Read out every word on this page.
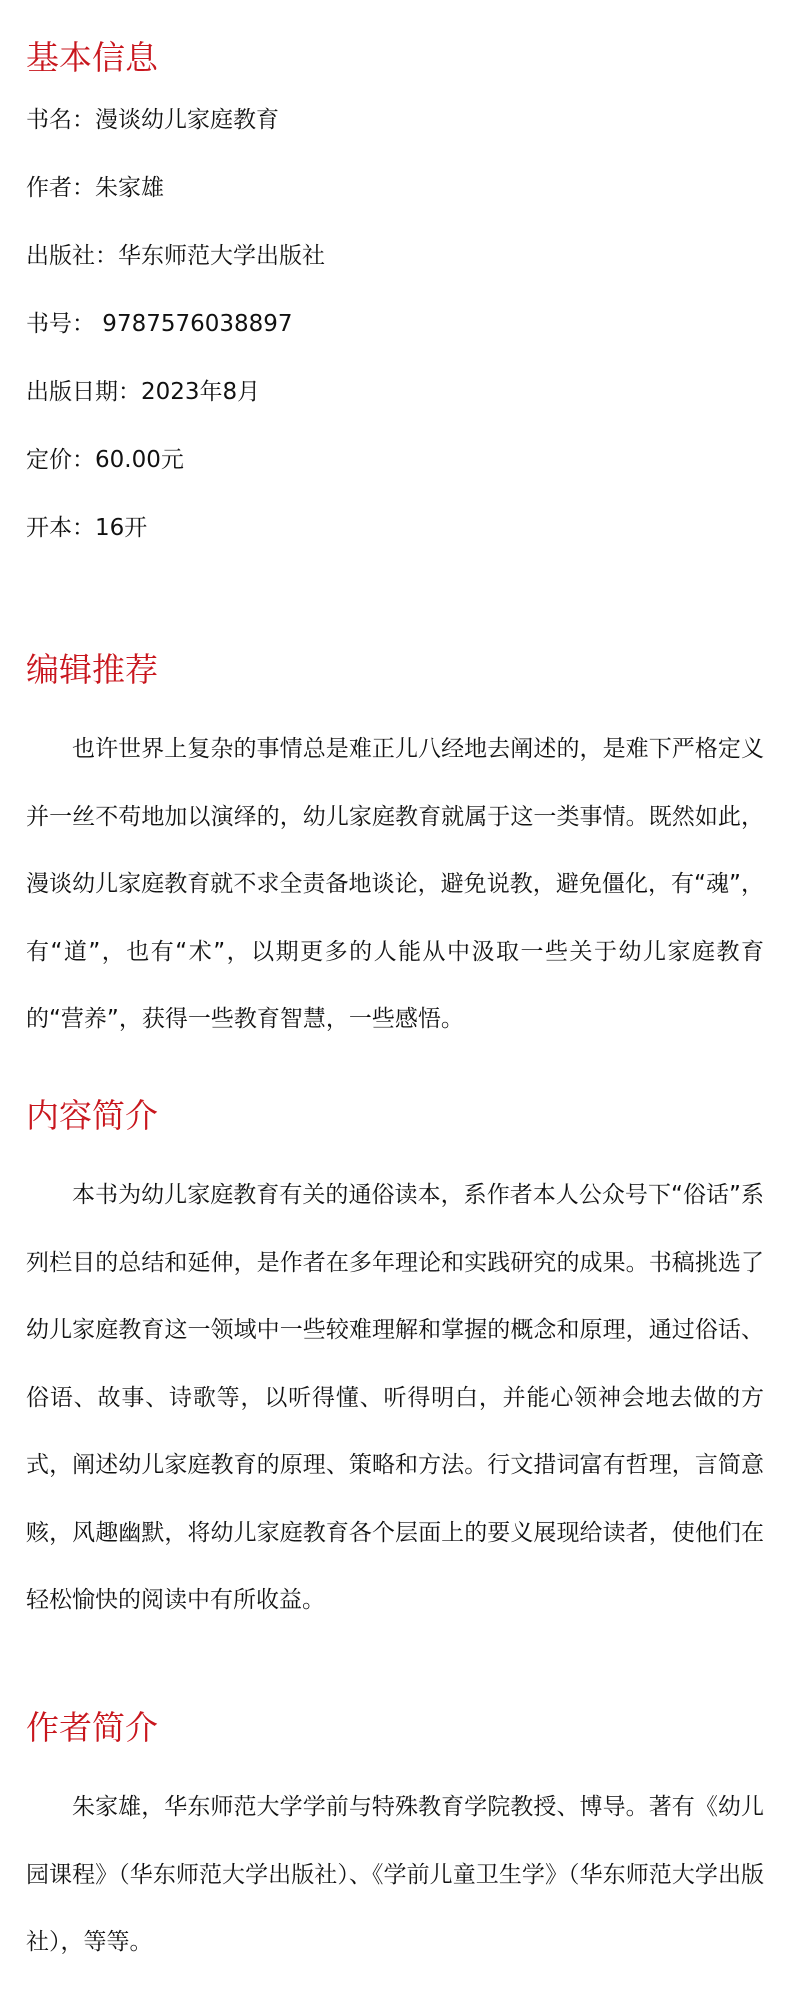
基本信息
书名：漫谈幼儿家庭教育
作者：朱家雄
出版社：华东师范大学出版社
书号： 9787576038897
出版日期：2023年8月
定价：60.00元
开本：16开
编辑推荐

也许世界上复杂的事情总是难正儿八经地去阐述的，是难下严格定义并一丝不苟地加以演绎的，幼儿家庭教育就属于这一类事情。既然如此，漫谈幼儿家庭教育就不求全责备地谈论，避免说教，避免僵化，有“魂”，有“道”，也有“术”，以期更多的人能从中汲取一些关于幼儿家庭教育的“营养”，获得一些教育智慧，一些感悟。

内容简介

本书为幼儿家庭教育有关的通俗读本，系作者本人公众号下“俗话”系列栏目的总结和延伸，是作者在多年理论和实践研究的成果。书稿挑选了幼儿家庭教育这一领域中一些较难理解和掌握的概念和原理，通过俗话、俗语、故事、诗歌等，以听得懂、听得明白，并能心领神会地去做的方式，阐述幼儿家庭教育的原理、策略和方法。行文措词富有哲理，言简意赅，风趣幽默，将幼儿家庭教育各个层面上的要义展现给读者，使他们在轻松愉快的阅读中有所收益。

作者简介

朱家雄，华东师范大学学前与特殊教育学院教授、博导。著有《幼儿园课程》（华东师范大学出版社）、《学前儿童卫生学》（华东师范大学出版社），等等。
